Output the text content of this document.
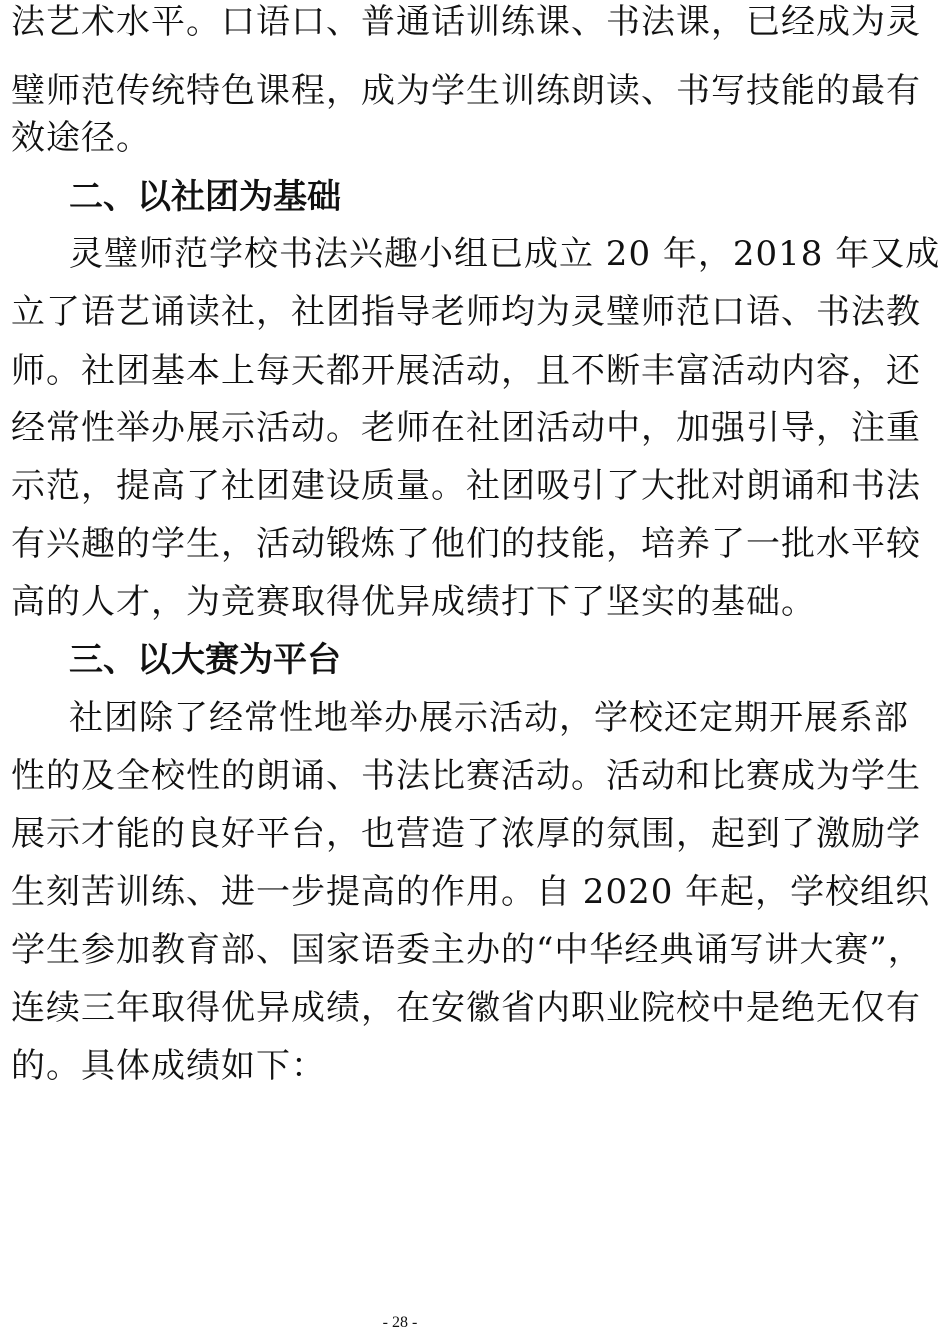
法艺术水平。口语口、普通话训练课、书法课，已经成为灵
璧师范传统特色课程，成为学生训练朗读、书写技能的最有
效途径。
二、以社团为基础
灵璧师范学校书法兴趣小组已成立 20 年，2018 年又成
立了语艺诵读社，社团指导老师均为灵璧师范口语、书法教
师。社团基本上每天都开展活动，且不断丰富活动内容，还
经常性举办展示活动。老师在社团活动中，加强引导，注重
示范，提高了社团建设质量。社团吸引了大批对朗诵和书法
有兴趣的学生，活动锻炼了他们的技能，培养了一批水平较
高的人才，为竞赛取得优异成绩打下了坚实的基础。
三、以大赛为平台
社团除了经常性地举办展示活动，学校还定期开展系部
性的及全校性的朗诵、书法比赛活动。活动和比赛成为学生
展示才能的良好平台，也营造了浓厚的氛围，起到了激励学
生刻苦训练、进一步提高的作用。自 2020 年起，学校组织
学生参加教育部、国家语委主办的“中华经典诵写讲大赛”，
连续三年取得优异成绩，在安徽省内职业院校中是绝无仅有
的。具体成绩如下：
- 28 -
